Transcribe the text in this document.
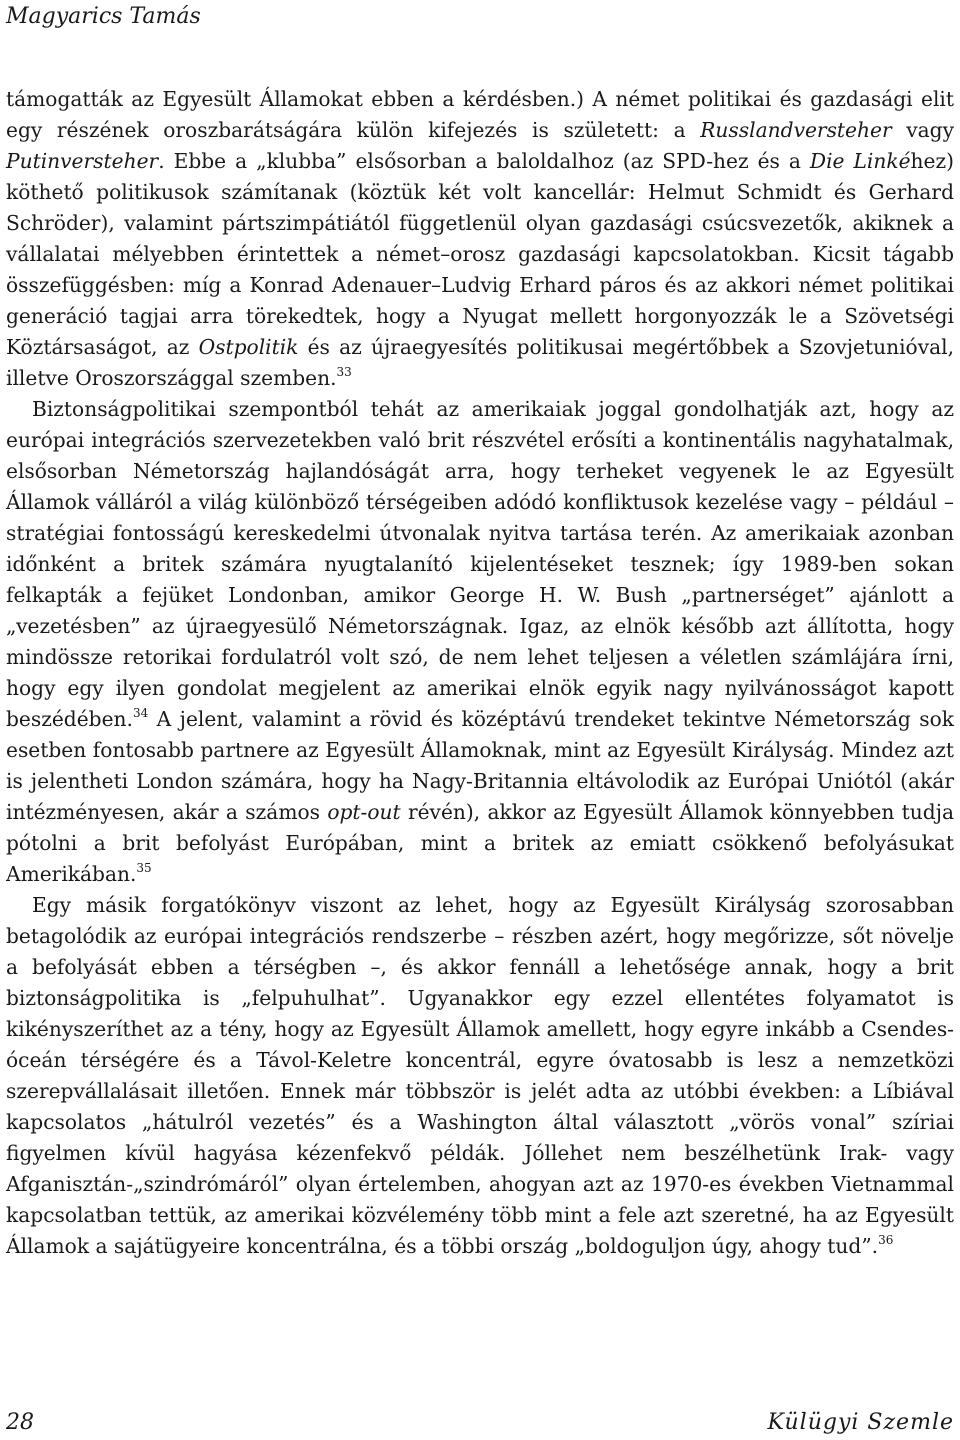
Magyarics Tamás

támogatták az Egyesült Államokat ebben a kérdésben.) A német politikai és gazdasági elit egy részének oroszbarátságára külön kifejezés is született: a Russlandversteher vagy Putinversteher. Ebbe a „klubba” elsősorban a baloldalhoz (az SPD-hez és a Die Linkéhez) köthető politikusok számítanak (köztük két volt kancellár: Helmut Schmidt és Gerhard Schröder), valamint pártszimpátiától függetlenül olyan gazdasági csúcsvezetők, akiknek a vállalatai mélyebben érintettek a német–orosz gazdasági kapcsolatokban. Kicsit tágabb összefüggésben: míg a Konrad Adenauer–Ludvig Erhard páros és az akkori német politikai generáció tagjai arra törekedtek, hogy a Nyugat mellett horgonyozzák le a Szövetségi Köztársaságot, az Ostpolitik és az újraegyesítés politikusai megértőbbek a Szovjetunióval, illetve Oroszországgal szemben.$^{33}$

Biztonságpolitikai szempontból tehát az amerikaiak joggal gondolhatják azt, hogy az európai integrációs szervezetekben való brit részvétel erősíti a kontinentális nagyhatalmak, elsősorban Németország hajlandóságát arra, hogy terheket vegyenek le az Egyesült Államok válláról a világ különböző térségeiben adódó konfliktusok kezelése vagy – például – stratégiai fontosságú kereskedelmi útvonalak nyitva tartása terén. Az amerikaiak azonban időnként a britek számára nyugtalanító kijelentéseket tesznek; így 1989-ben sokan felkapták a fejüket Londonban, amikor George H. W. Bush „partnerséget” ajánlott a „vezetésben” az újraegyesülő Németországnak. Igaz, az elnök később azt állította, hogy mindössze retorikai fordulatról volt szó, de nem lehet teljesen a véletlen számlájára írni, hogy egy ilyen gondolat megjelent az amerikai elnök egyik nagy nyilvánosságot kapott beszédében.$^{34}$ A jelent, valamint a rövid és középtávú trendeket tekintve Németország sok esetben fontosabb partnere az Egyesült Államoknak, mint az Egyesült Királyság. Mindez azt is jelentheti London számára, hogy ha Nagy-Britannia eltávolodik az Európai Uniótól (akár intézményesen, akár a számos opt-out révén), akkor az Egyesült Államok könnyebben tudja pótolni a brit befolyást Európában, mint a britek az emiatt csökkenő befolyásukat Amerikában.$^{35}$

Egy másik forgatókönyv viszont az lehet, hogy az Egyesült Királyság szorosabban betagolódik az európai integrációs rendszerbe – részben azért, hogy megőrizze, sőt növelje a befolyását ebben a térségben –, és akkor fennáll a lehetősége annak, hogy a brit biztonságpolitika is „felpuhulhat”. Ugyanakkor egy ezzel ellentétes folyamatot is kikényszeríthet az a tény, hogy az Egyesült Államok amellett, hogy egyre inkább a Csendes-óceán térségére és a Távol-Keletre koncentrál, egyre óvatosabb is lesz a nemzetközi szerepvállalásait illetően. Ennek már többször is jelét adta az utóbbi években: a Líbiával kapcsolatos „hátulról vezetés” és a Washington által választott „vörös vonal” szíriai figyelmen kívül hagyása kézenfekvő példák. Jóllehet nem beszélhetünk Irak- vagy Afganisztán-„szindrómáról” olyan értelemben, ahogyan azt az 1970-es években Vietnammal kapcsolatban tettük, az amerikai közvélemény több mint a fele azt szeretné, ha az Egyesült Államok a sajátügyeire koncentrálna, és a többi ország „boldoguljon úgy, ahogy tud”.$^{36}$

28	Külügyi Szemle
